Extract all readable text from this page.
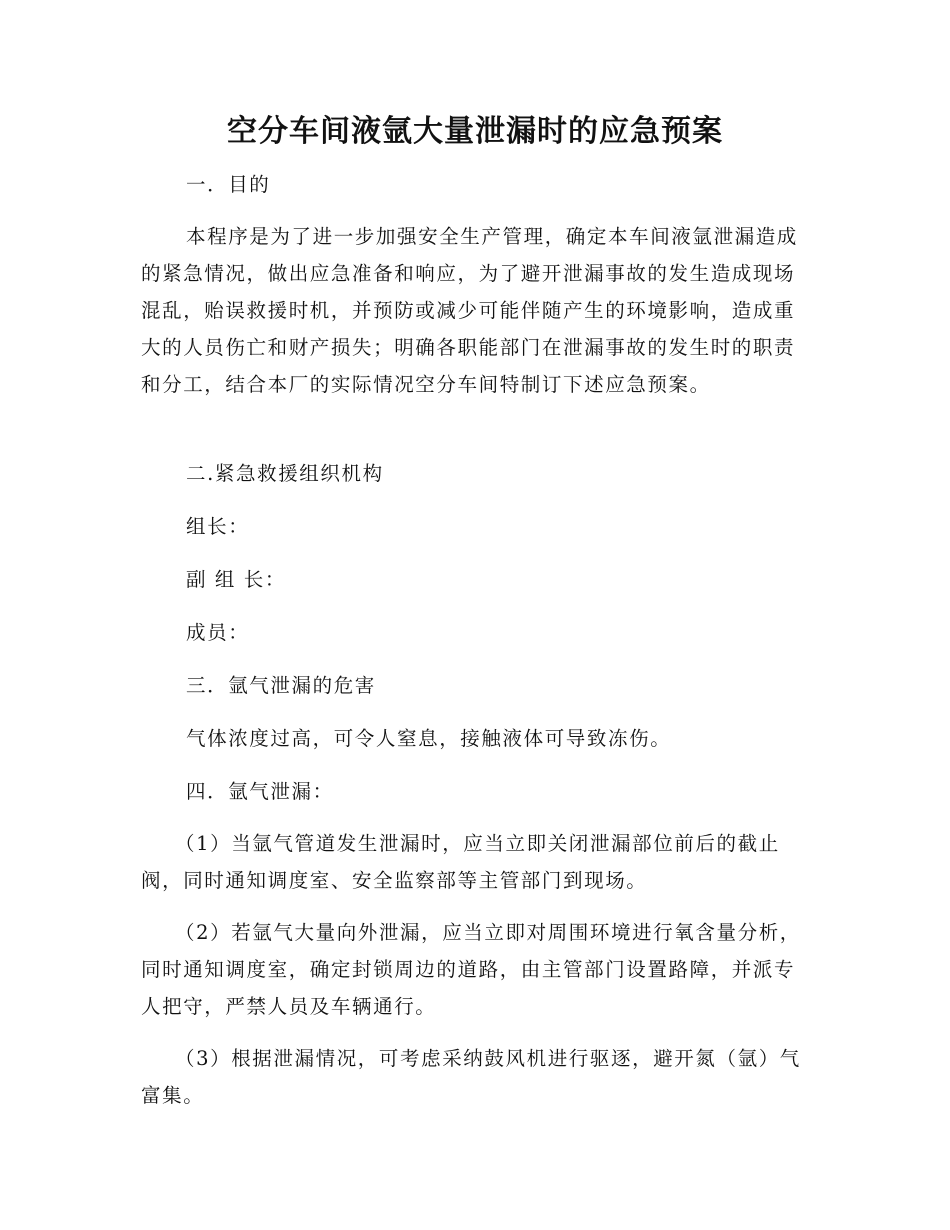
空分车间液氩大量泄漏时的应急预案

一．目的

本程序是为了进一步加强安全生产管理，确定本车间液氩泄漏造成的紧急情况，做出应急准备和响应，为了避开泄漏事故的发生造成现场混乱，贻误救援时机，并预防或减少可能伴随产生的环境影响，造成重大的人员伤亡和财产损失；明确各职能部门在泄漏事故的发生时的职责和分工，结合本厂的实际情况空分车间特制订下述应急预案。

二.紧急救援组织机构

组长：

副 组 长：

成员：

三．氩气泄漏的危害

气体浓度过高，可令人窒息，接触液体可导致冻伤。

四．氩气泄漏：

（1）当氩气管道发生泄漏时，应当立即关闭泄漏部位前后的截止阀，同时通知调度室、安全监察部等主管部门到现场。

（2）若氩气大量向外泄漏，应当立即对周围环境进行氧含量分析，同时通知调度室，确定封锁周边的道路，由主管部门设置路障，并派专人把守，严禁人员及车辆通行。

（3）根据泄漏情况，可考虑采纳鼓风机进行驱逐，避开氮（氩）气富集。
